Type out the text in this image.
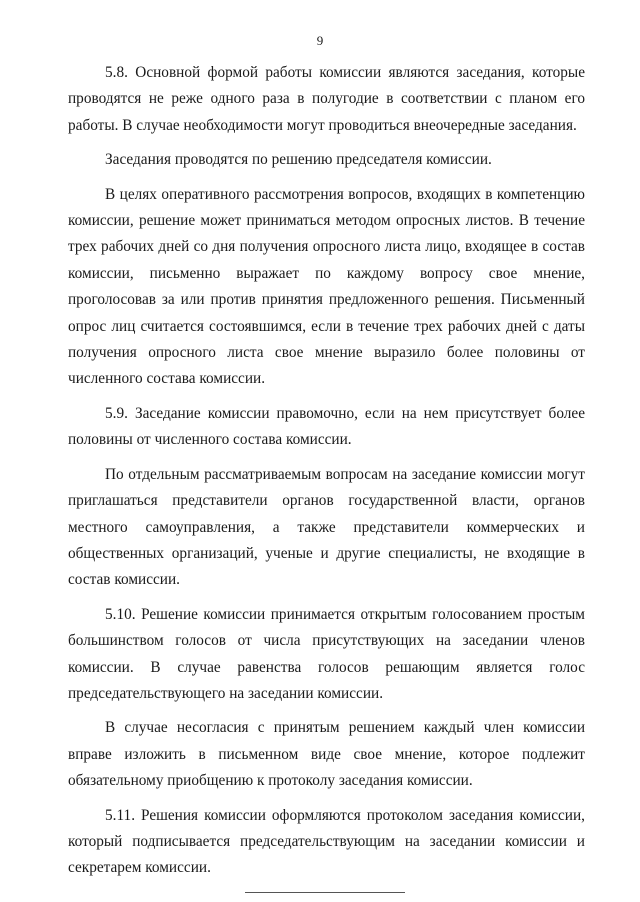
9

5.8. Основной формой работы комиссии являются заседания, которые проводятся не реже одного раза в полугодие в соответствии с планом его работы. В случае необходимости могут проводиться внеочередные заседания.

Заседания проводятся по решению председателя комиссии.

В целях оперативного рассмотрения вопросов, входящих в компетенцию комиссии, решение может приниматься методом опросных листов. В течение трех рабочих дней со дня получения опросного листа лицо, входящее в состав комиссии, письменно выражает по каждому вопросу свое мнение, проголосовав за или против принятия предложенного решения. Письменный опрос лиц считается состоявшимся, если в течение трех рабочих дней с даты получения опросного листа свое мнение выразило более половины от численного состава комиссии.

5.9. Заседание комиссии правомочно, если на нем присутствует более половины от численного состава комиссии.

По отдельным рассматриваемым вопросам на заседание комиссии могут приглашаться представители органов государственной власти, органов местного самоуправления, а также представители коммерческих и общественных организаций, ученые и другие специалисты, не входящие в состав комиссии.

5.10. Решение комиссии принимается открытым голосованием простым большинством голосов от числа присутствующих на заседании членов комиссии. В случае равенства голосов решающим является голос председательствующего на заседании комиссии.

В случае несогласия с принятым решением каждый член комиссии вправе изложить в письменном виде свое мнение, которое подлежит обязательному приобщению к протоколу заседания комиссии.

5.11. Решения комиссии оформляются протоколом заседания комиссии, который подписывается председательствующим на заседании комиссии и секретарем комиссии.
